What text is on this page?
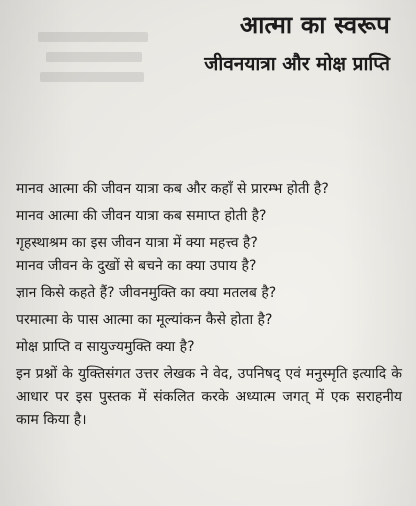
आत्मा का स्वरूप
जीवनयात्रा और मोक्ष प्राप्ति

मानव आत्मा की जीवन यात्रा कब और कहाँ से प्रारम्भ होती है?

मानव आत्मा की जीवन यात्रा कब समाप्त होती है?

गृहस्थाश्रम का इस जीवन यात्रा में क्या महत्त्व है?

मानव जीवन के दुखों से बचने का क्या उपाय है?

ज्ञान किसे कहते हैं? जीवनमुक्ति का क्या मतलब है?

परमात्मा के पास आत्मा का मूल्यांकन कैसे होता है?

मोक्ष प्राप्ति व सायुज्यमुक्ति क्या है?

इन प्रश्नों के युक्तिसंगत उत्तर लेखक ने वेद, उपनिषद् एवं मनुस्मृति इत्यादि के आधार पर इस पुस्तक में संकलित करके अध्यात्म जगत् में एक सराहनीय काम किया है।
